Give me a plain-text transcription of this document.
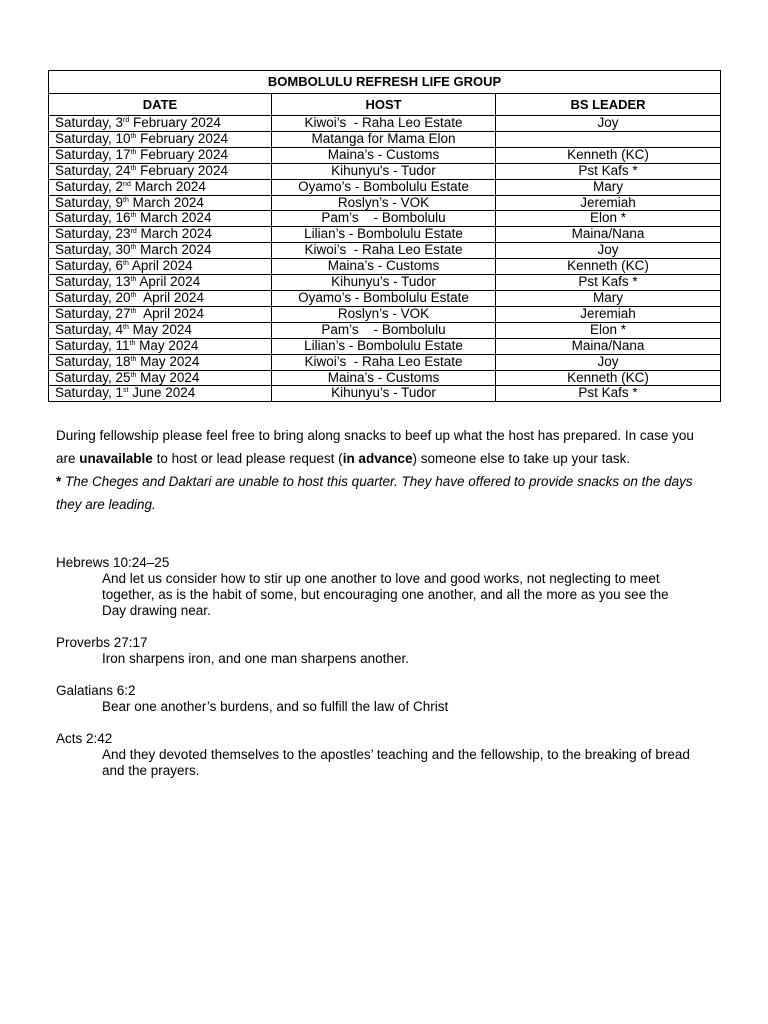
BOMBOLULU REFRESH LIFE GROUP		
DATE	HOST	BS LEADER
Saturday, 3rd February 2024	Kiwoi’s  - Raha Leo Estate	Joy
Saturday, 10th February 2024	Matanga for Mama Elon	
Saturday, 17th February 2024	Maina’s - Customs	Kenneth (KC)
Saturday, 24th February 2024	Kihunyu's - Tudor	Pst Kafs *
Saturday, 2nd March 2024	Oyamo’s - Bombolulu Estate	Mary
Saturday, 9th March 2024	Roslyn’s - VOK	Jeremiah
Saturday, 16th March 2024	Pam’s    - Bombolulu	Elon *
Saturday, 23rd March 2024	Lilian’s - Bombolulu Estate	Maina/Nana
Saturday, 30th March 2024	Kiwoi’s  - Raha Leo Estate	Joy
Saturday, 6th April 2024	Maina’s - Customs	Kenneth (KC)
Saturday, 13th April 2024	Kihunyu’s - Tudor	Pst Kafs *
Saturday, 20th  April 2024	Oyamo’s - Bombolulu Estate	Mary
Saturday, 27th  April 2024	Roslyn’s - VOK	Jeremiah
Saturday, 4th May 2024	Pam’s    - Bombolulu	Elon *
Saturday, 11th May 2024	Lilian’s - Bombolulu Estate	Maina/Nana
Saturday, 18th May 2024	Kiwoi’s  - Raha Leo Estate	Joy
Saturday, 25th May 2024	Maina’s - Customs	Kenneth (KC)
Saturday, 1st June 2024	Kihunyu’s - Tudor	Pst Kafs *

During fellowship please feel free to bring along snacks to beef up what the host has prepared. In case you are unavailable to host or lead please request (in advance) someone else to take up your task.

* The Cheges and Daktari are unable to host this quarter. They have offered to provide snacks on the days they are leading.

Hebrews 10:24–25

And let us consider how to stir up one another to love and good works, not neglecting to meet together, as is the habit of some, but encouraging one another, and all the more as you see the Day drawing near.

Proverbs 27:17

Iron sharpens iron, and one man sharpens another.

Galatians 6:2

Bear one another’s burdens, and so fulfill the law of Christ

Acts 2:42

And they devoted themselves to the apostles’ teaching and the fellowship, to the breaking of bread and the prayers.
